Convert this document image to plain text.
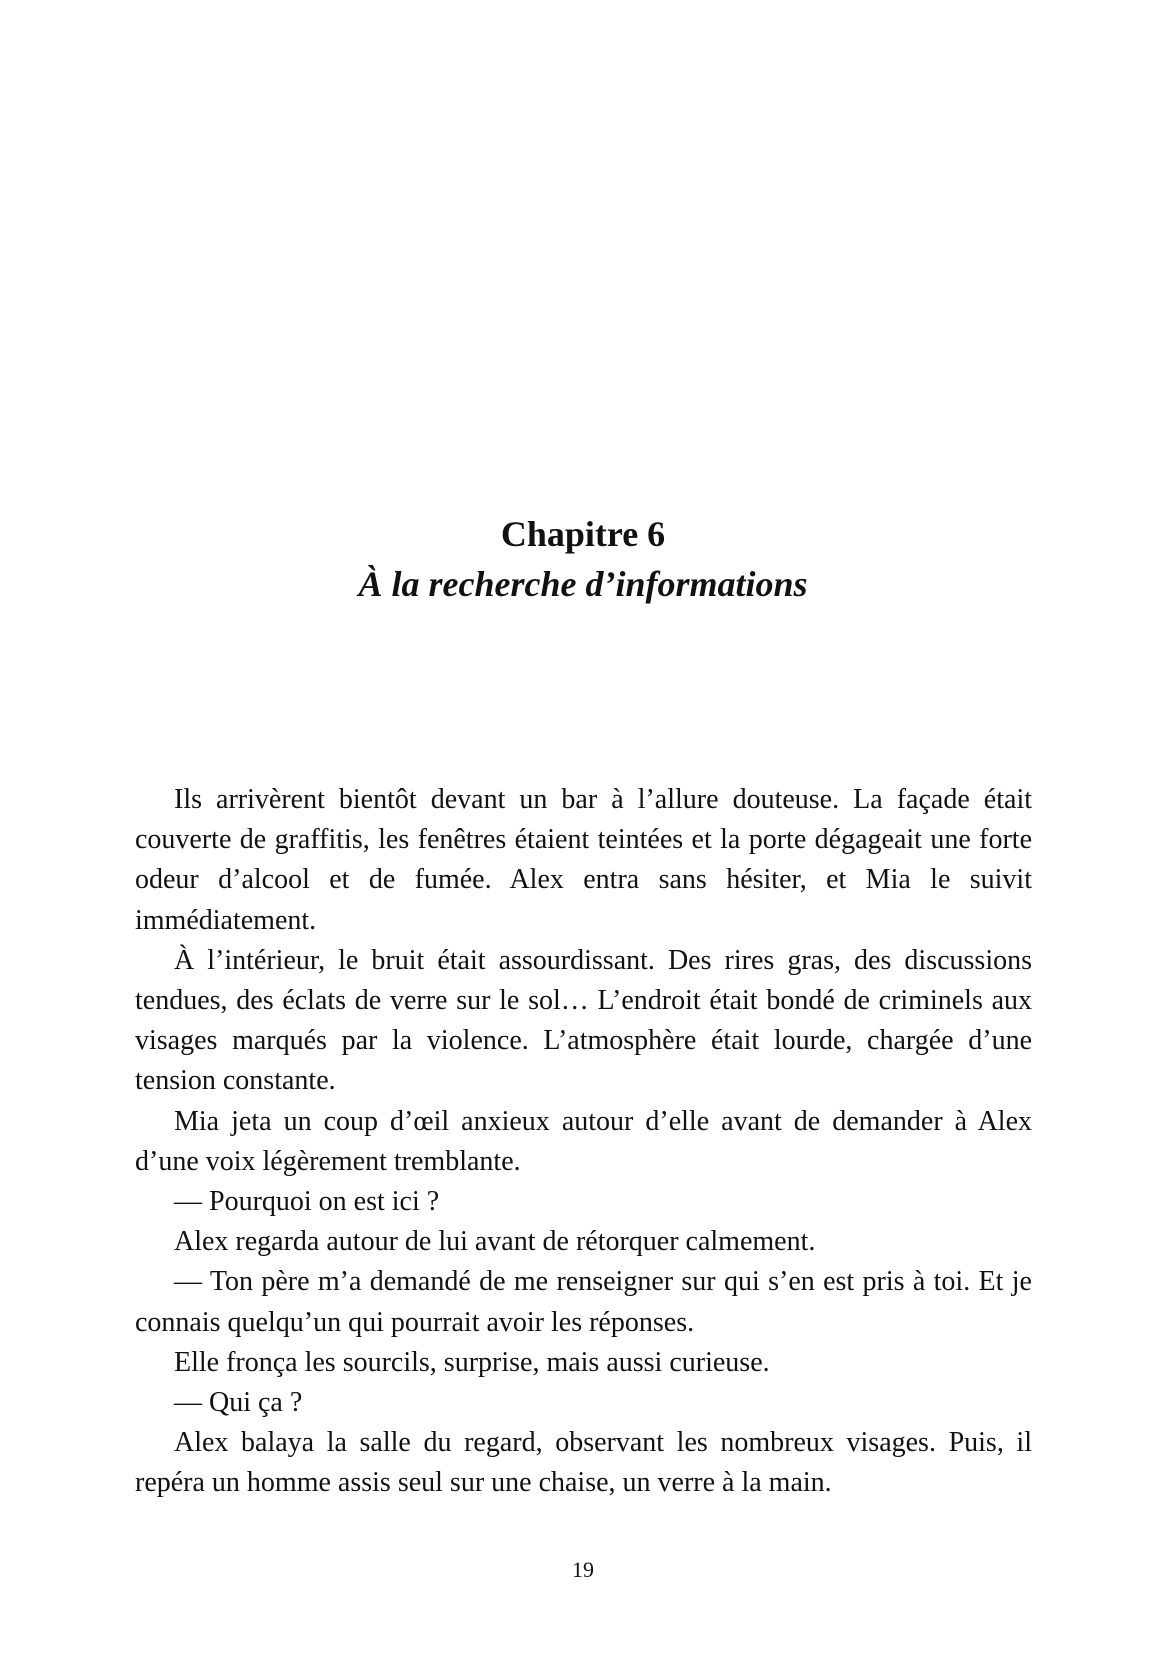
Chapitre 6
À la recherche d’informations

Ils arrivèrent bientôt devant un bar à l’allure douteuse. La façade était couverte de graffitis, les fenêtres étaient teintées et la porte dégageait une forte odeur d’alcool et de fumée. Alex entra sans hésiter, et Mia le suivit immédiatement.

À l’intérieur, le bruit était assourdissant. Des rires gras, des discussions tendues, des éclats de verre sur le sol… L’endroit était bondé de criminels aux visages marqués par la violence. L’atmosphère était lourde, chargée d’une tension constante.

Mia jeta un coup d’œil anxieux autour d’elle avant de demander à Alex d’une voix légèrement tremblante.

— Pourquoi on est ici ?

Alex regarda autour de lui avant de rétorquer calmement.

— Ton père m’a demandé de me renseigner sur qui s’en est pris à toi. Et je connais quelqu’un qui pourrait avoir les réponses.

Elle fronça les sourcils, surprise, mais aussi curieuse.

— Qui ça ?

Alex balaya la salle du regard, observant les nombreux visages. Puis, il repéra un homme assis seul sur une chaise, un verre à la main.

19
